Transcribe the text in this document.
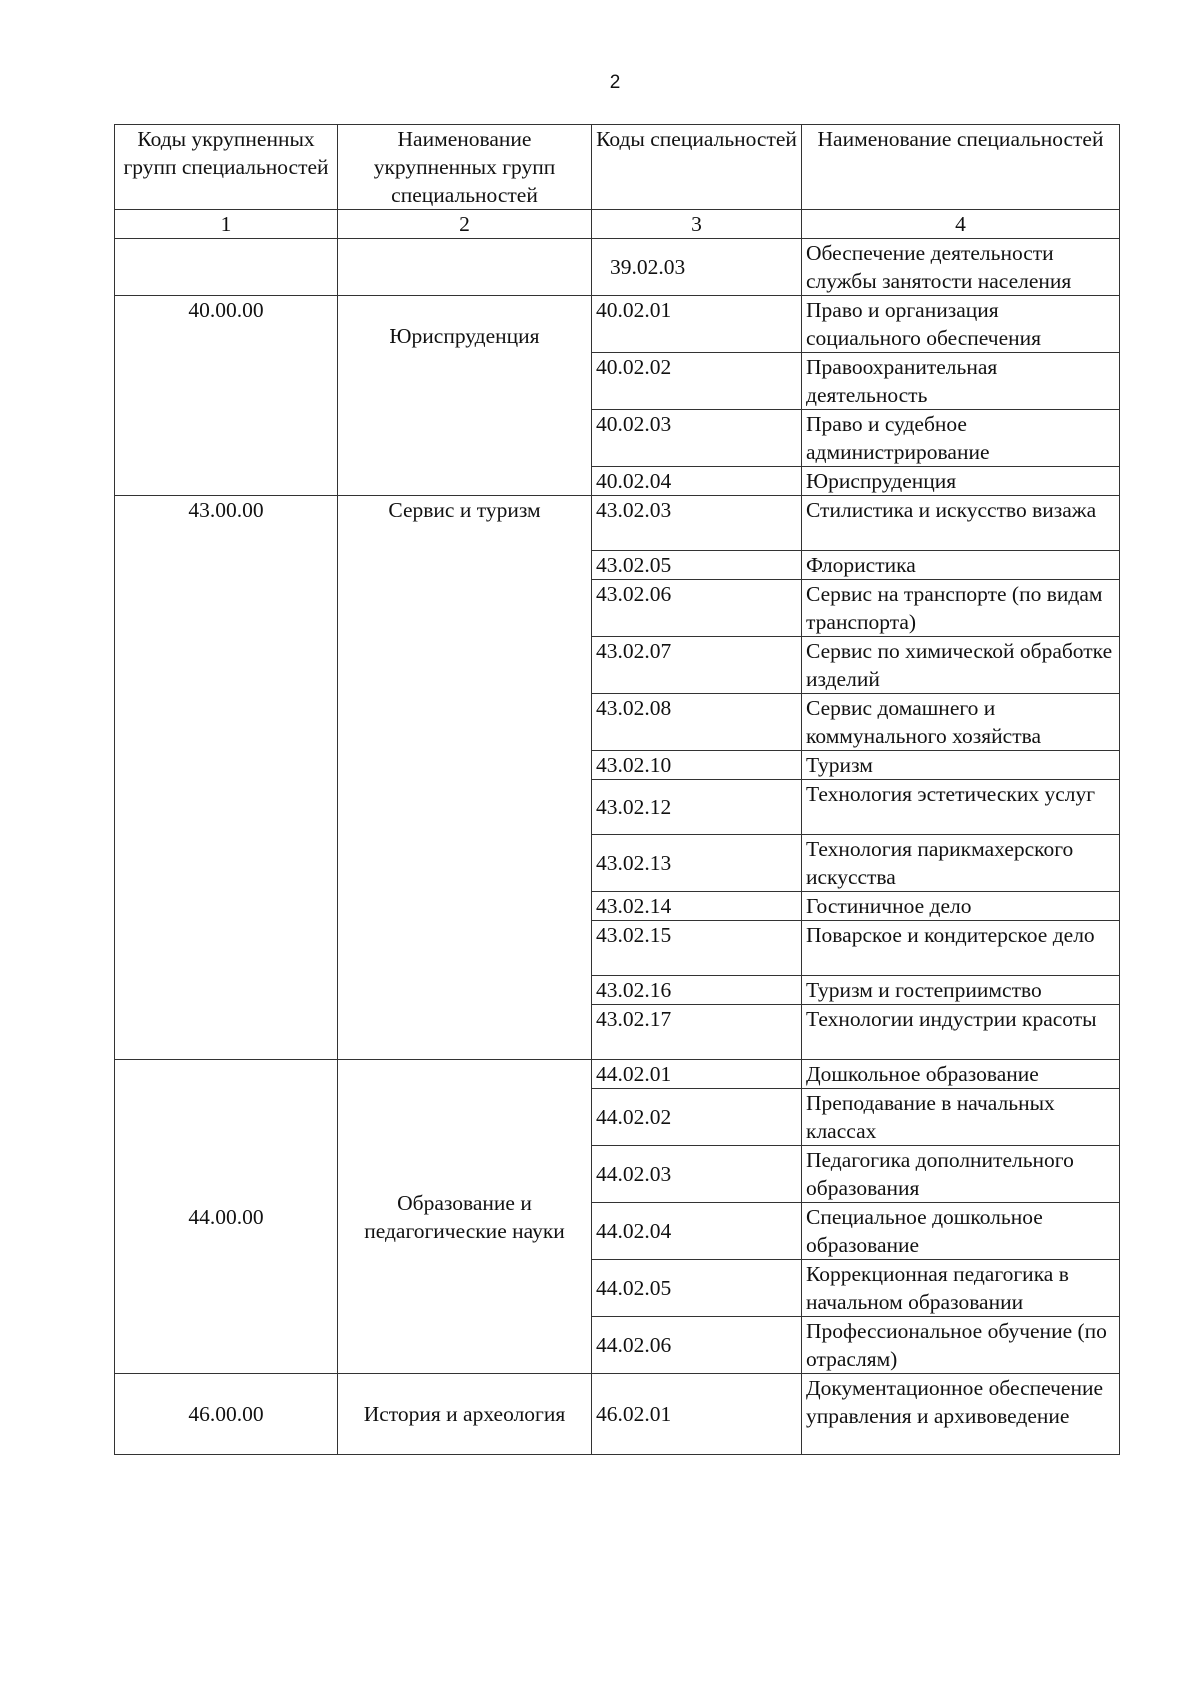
2
Коды укрупненных групп специальностей	Наименование укрупненных групп специальностей	Коды специальностей	Наименование специальностей
1	2	3	4
		39.02.03	Обеспечение деятельности службы занятости населения
40.00.00	Юриспруденция	40.02.01	Право и организация социального обеспечения
		40.02.02	Правоохранительная деятельность
		40.02.03	Право и судебное администрирование
		40.02.04	Юриспруденция
43.00.00	Сервис и туризм	43.02.03	Стилистика и искусство визажа
		43.02.05	Флористика
		43.02.06	Сервис на транспорте (по видам транспорта)
		43.02.07	Сервис по химической обработке изделий
		43.02.08	Сервис домашнего и коммунального хозяйства
		43.02.10	Туризм
		43.02.12	Технология эстетических услуг
		43.02.13	Технология парикмахерского искусства
		43.02.14	Гостиничное дело
		43.02.15	Поварское и кондитерское дело
		43.02.16	Туризм и гостеприимство
		43.02.17	Технологии индустрии красоты
44.00.00	Образование и педагогические науки	44.02.01	Дошкольное образование
		44.02.02	Преподавание в начальных классах
		44.02.03	Педагогика дополнительного образования
		44.02.04	Специальное дошкольное образование
		44.02.05	Коррекционная педагогика в начальном образовании
		44.02.06	Профессиональное обучение (по отраслям)
46.00.00	История и археология	46.02.01	Документационное обеспечение управления и архивоведение
